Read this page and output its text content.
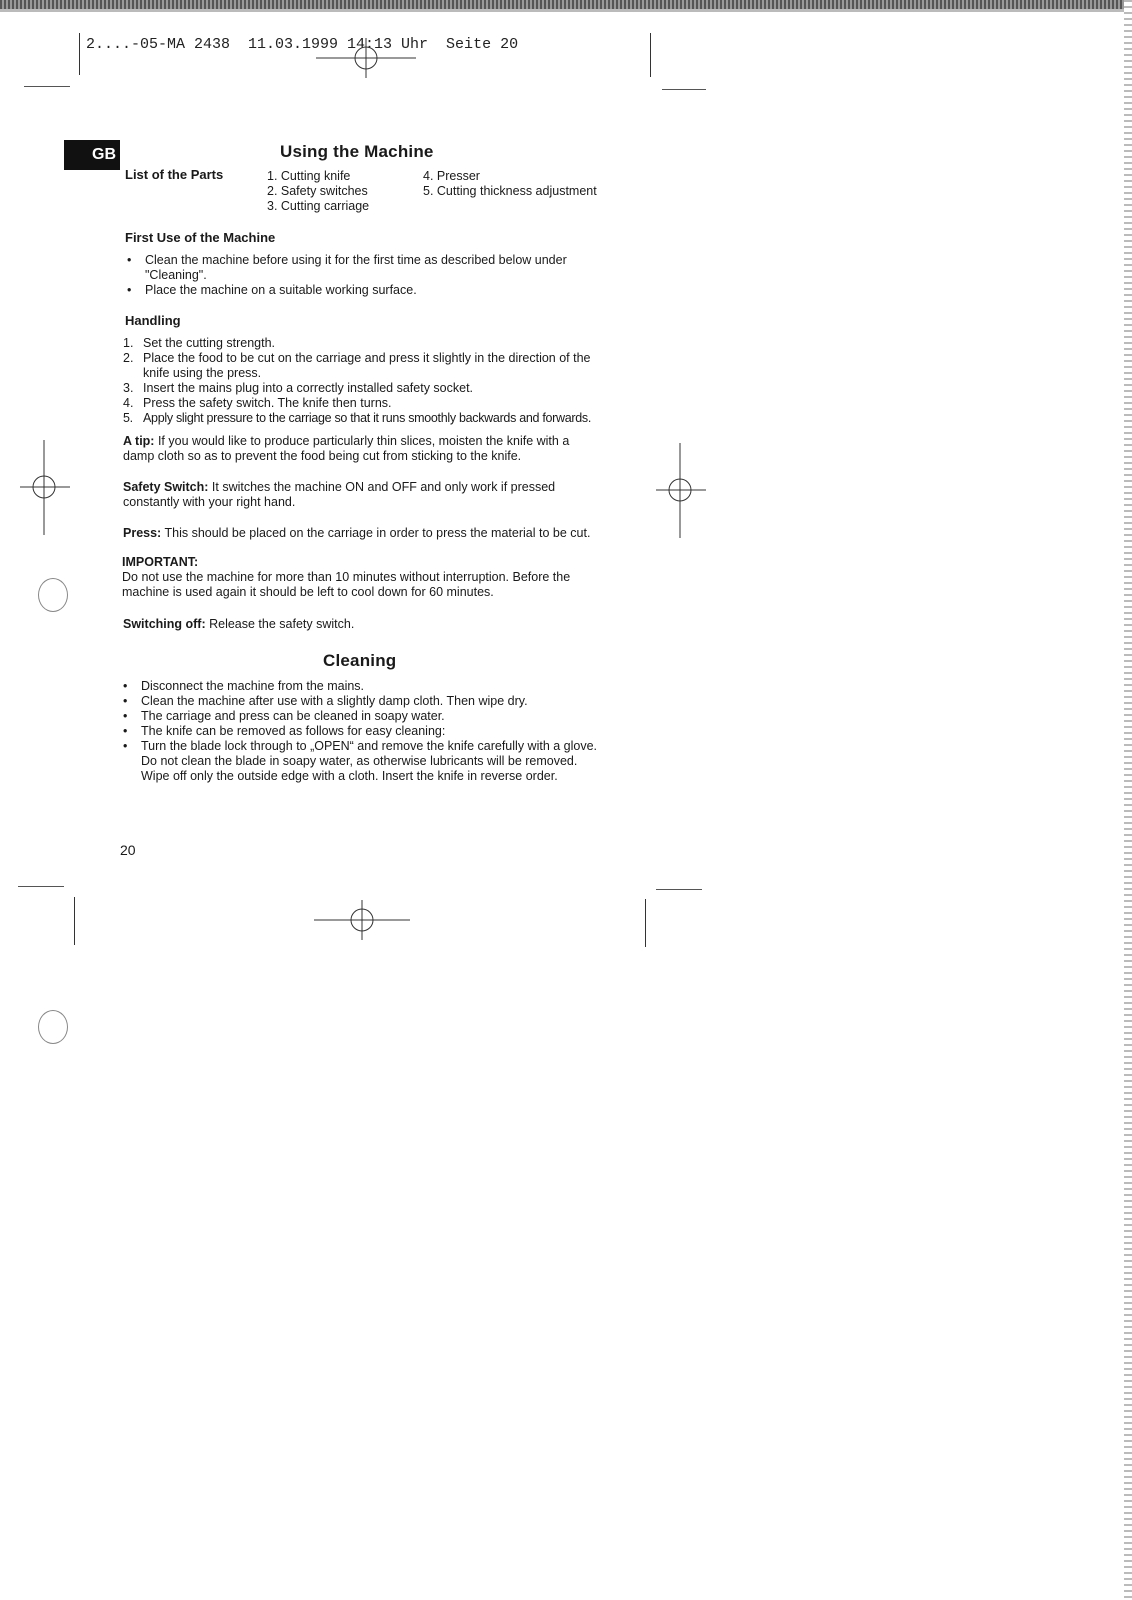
2....-05-MA 2438  11.03.1999 14:13 Uhr  Seite 20
GB	Using the Machine
List of the Parts	1. Cutting knife
2. Safety switches
3. Cutting carriage
4. Presser
5. Cutting thickness adjustment
First Use of the Machine
• Clean the machine before using it for the first time as described below under "Cleaning".
• Place the machine on a suitable working surface.
Handling
1. Set the cutting strength.
2. Place the food to be cut on the carriage and press it slightly in the direction of the knife using the press.
3. Insert the mains plug into a correctly installed safety socket.
4. Press the safety switch. The knife then turns.
5. Apply slight pressure to the carriage so that it runs smoothly backwards and forwards.
A tip: If you would like to produce particularly thin slices, moisten the knife with a damp cloth so as to prevent the food being cut from sticking to the knife.
Safety Switch: It switches the machine ON and OFF and only work if pressed constantly with your right hand.
Press: This should be placed on the carriage in order to press the material to be cut.
IMPORTANT:
Do not use the machine for more than 10 minutes without interruption. Before the machine is used again it should be left to cool down for 60 minutes.
Switching off: Release the safety switch.
Cleaning
• Disconnect the machine from the mains.
• Clean the machine after use with a slightly damp cloth. Then wipe dry.
• The carriage and press can be cleaned in soapy water.
• The knife can be removed as follows for easy cleaning:
• Turn the blade lock through to „OPEN“ and remove the knife carefully with a glove. Do not clean the blade in soapy water, as otherwise lubricants will be removed. Wipe off only the outside edge with a cloth. Insert the knife in reverse order.
20
